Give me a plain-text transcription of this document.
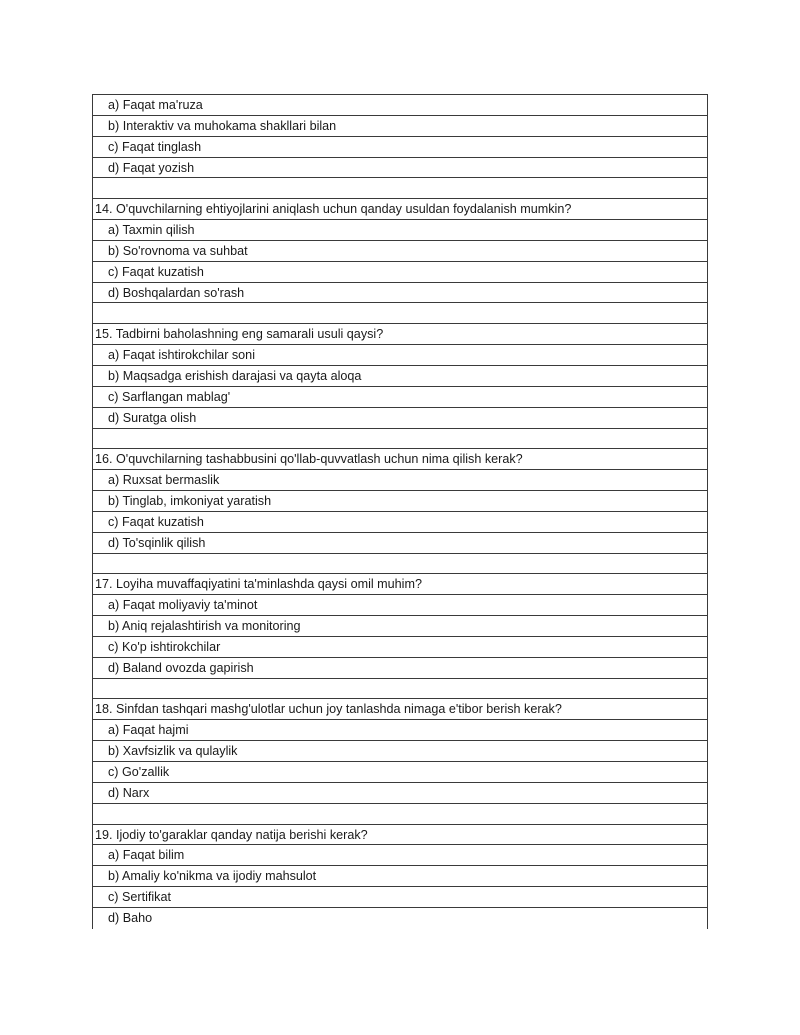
a) Faqat ma'ruza
b) Interaktiv va muhokama shakllari bilan
c) Faqat tinglash
d) Faqat yozish
14. O'quvchilarning ehtiyojlarini aniqlash uchun qanday usuldan foydalanish mumkin?
a) Taxmin qilish
b) So'rovnoma va suhbat
c) Faqat kuzatish
d) Boshqalardan so'rash
15. Tadbirni baholashning eng samarali usuli qaysi?
a) Faqat ishtirokchilar soni
b) Maqsadga erishish darajasi va qayta aloqa
c) Sarflangan mablag'
d) Suratga olish
16. O'quvchilarning tashabbusini qo'llab-quvvatlash uchun nima qilish kerak?
a) Ruxsat bermaslik
b) Tinglab, imkoniyat yaratish
c) Faqat kuzatish
d) To'sqinlik qilish
17. Loyiha muvaffaqiyatini ta'minlashda qaysi omil muhim?
a) Faqat moliyaviy ta'minot
b) Aniq rejalashtirish va monitoring
c) Ko'p ishtirokchilar
d) Baland ovozda gapirish
18. Sinfdan tashqari mashg'ulotlar uchun joy tanlashda nimaga e'tibor berish kerak?
a) Faqat hajmi
b) Xavfsizlik va qulaylik
c) Go'zallik
d) Narx
19. Ijodiy to'garaklar qanday natija berishi kerak?
a) Faqat bilim
b) Amaliy ko'nikma va ijodiy mahsulot
c) Sertifikat
d) Baho
